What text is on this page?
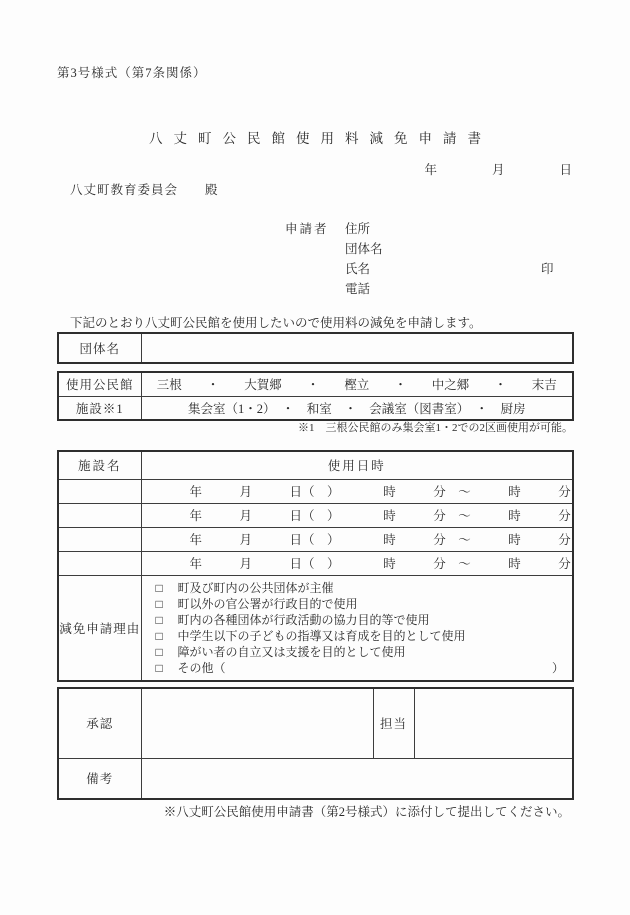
第3号様式（第7条関係）
八丈町公民館使用料減免申請書
年　　　　月　　　　日
八丈町教育委員会　　殿
申請者	住所
団体名
氏名
電話
印
下記のとおり八丈町公民館を使用したいので使用料の減免を申請します。
団体名	
使用公民館	三根　　・　　大賀郷　　・　　樫立　　・　　中之郷　　・　　末吉
施設※1	集会室（1・2）　・　和室　・　会議室（図書室）　・　厨房
※1　三根公民館のみ集会室1・2での2区画使用が可能。
施設名	使用日時
	年　　　月　　　日（　）　　　　時　　　分　～　　　時　　　分
	年　　　月　　　日（　）　　　　時　　　分　～　　　時　　　分
	年　　　月　　　日（　）　　　　時　　　分　～　　　時　　　分
	年　　　月　　　日（　）　　　　時　　　分　～　　　時　　　分
減免申請理由	
□	町及び町内の公共団体が主催
□	町以外の官公署が行政目的で使用
□	町内の各種団体が行政活動の協力目的等で使用
□	中学生以下の子どもの指導又は育成を目的として使用
□	障がい者の自立又は支援を目的として使用
□	その他（	）
承認		担当	
備考			
※八丈町公民館使用申請書（第2号様式）に添付して提出してください。
